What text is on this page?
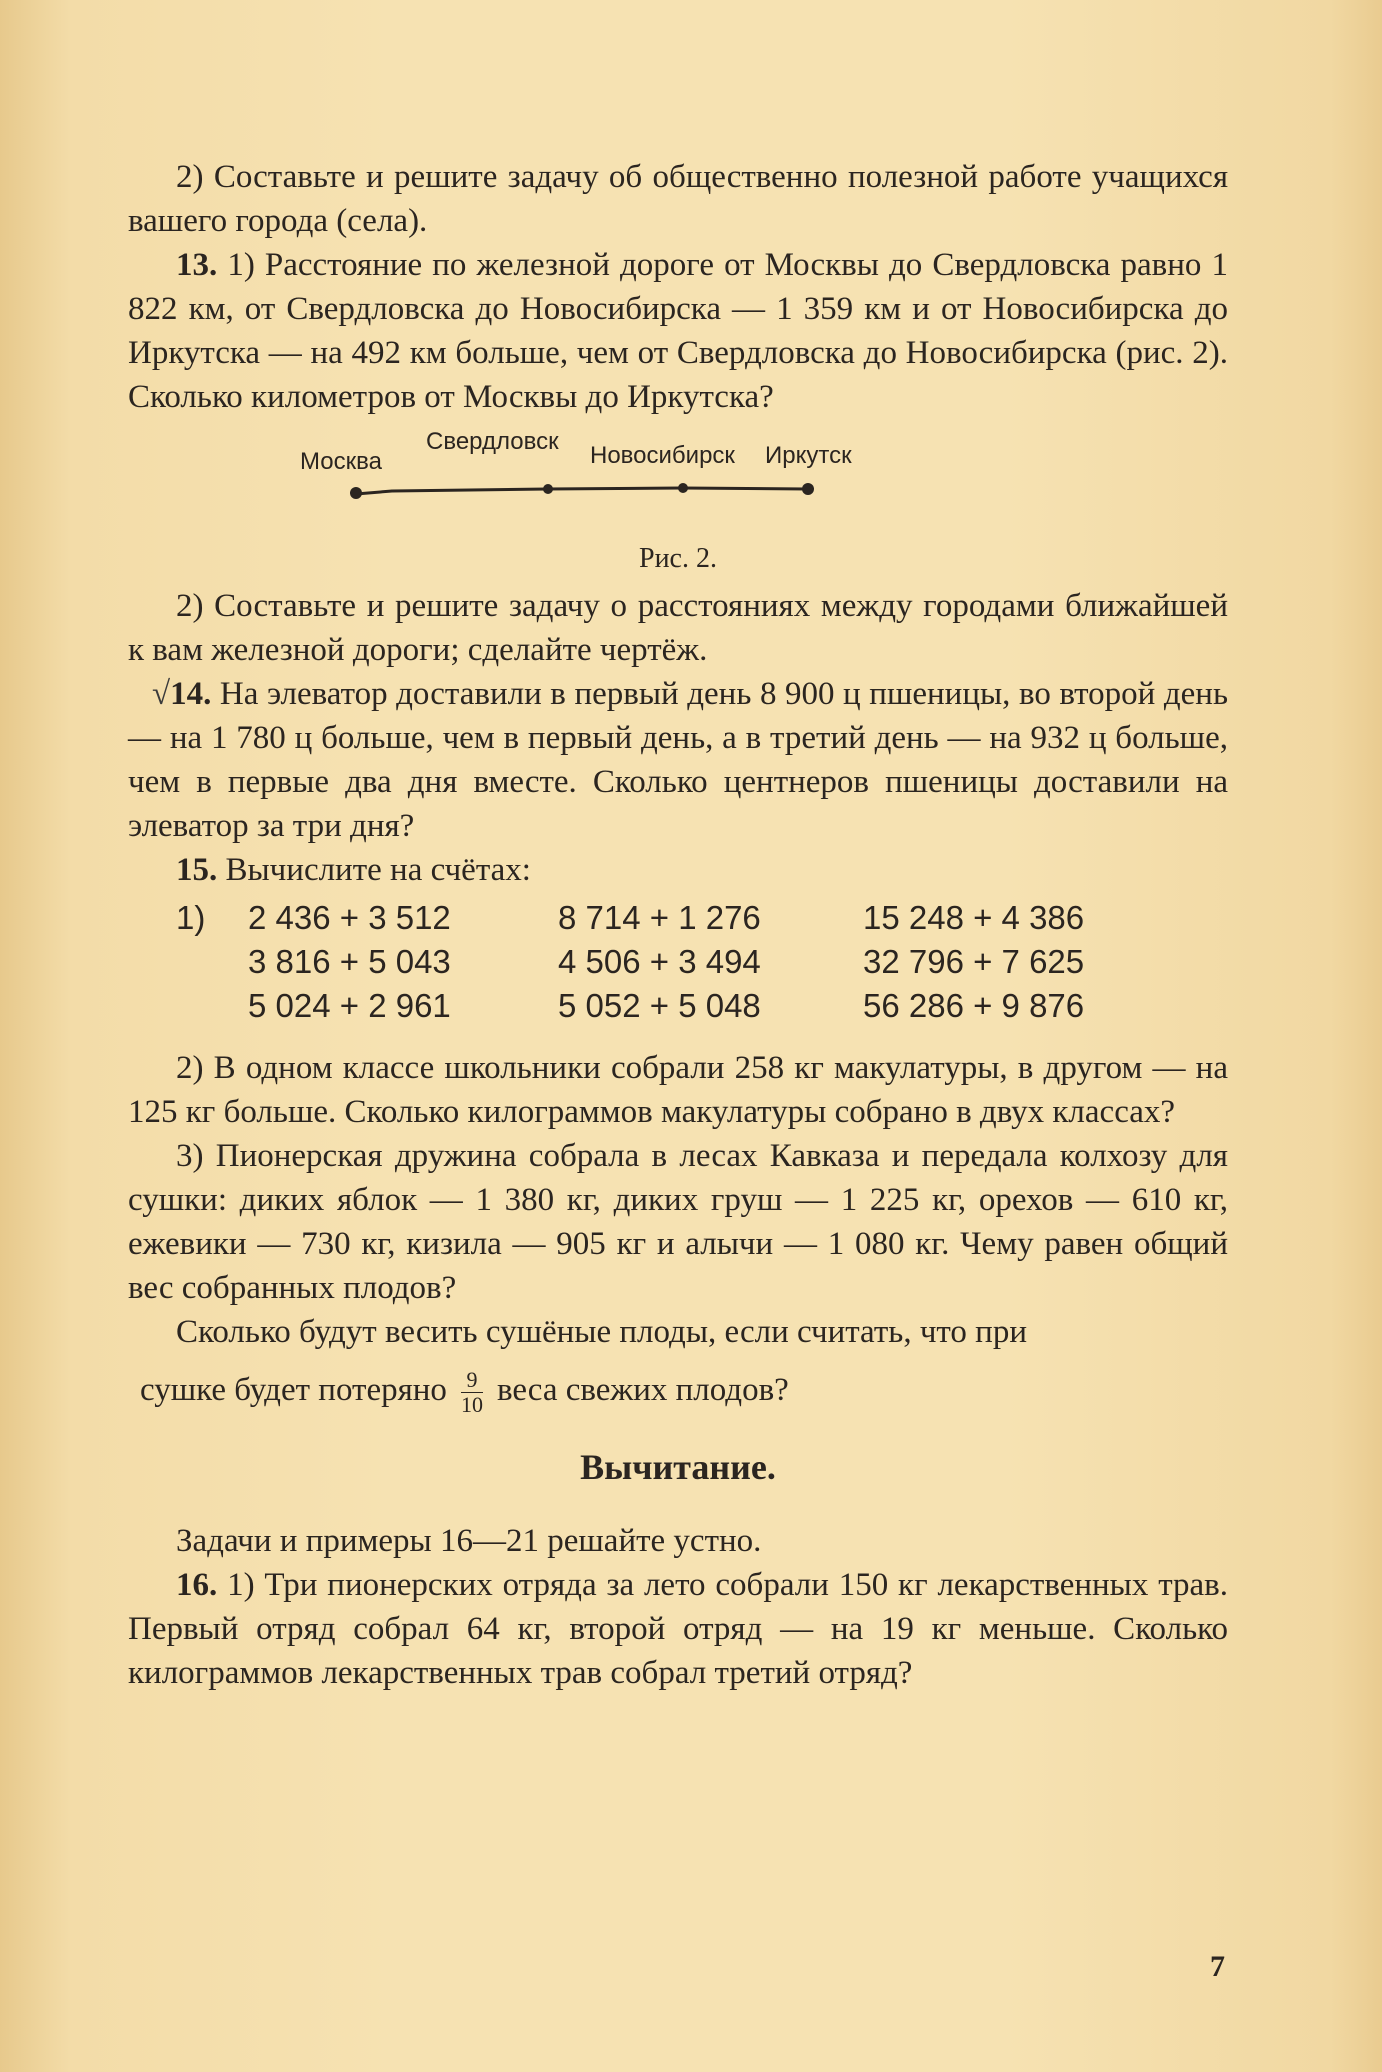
2) Составьте и решите задачу об общественно полезной работе учащихся вашего города (села).

13. 1) Расстояние по железной дороге от Москвы до Свердловска равно 1 822 км, от Свердловска до Новосибирска — 1 359 км и от Новосибирска до Иркутска — на 492 км больше, чем от Свердловска до Новосибирска (рис. 2). Сколько километров от Москвы до Иркутска?

Москва
Свердловск
Новосибирск Иркутск
Рис. 2.

2) Составьте и решите задачу о расстояниях между городами ближайшей к вам железной дороги; сделайте чертёж.

√14. На элеватор доставили в первый день 8 900 ц пшеницы, во второй день — на 1 780 ц больше, чем в первый день, а в третий день — на 932 ц больше, чем в первые два дня вместе. Сколько центнеров пшеницы доставили на элеватор за три дня?

15. Вычислите на счётах:

1) 2 436 + 3 512
3 816 + 5 043
5 024 + 2 961
8 714 + 1 276
4 506 + 3 494
5 052 + 5 048
15 248 + 4 386
32 796 + 7 625
56 286 + 9 876

2) В одном классе школьники собрали 258 кг макулатуры, в другом — на 125 кг больше. Сколько килограммов макулатуры собрано в двух классах?

3) Пионерская дружина собрала в лесах Кавказа и передала колхозу для сушки: диких яблок — 1 380 кг, диких груш — 1 225 кг, орехов — 610 кг, ежевики — 730 кг, кизила — 905 кг и алычи — 1 080 кг. Чему равен общий вес собранных плодов?

Сколько будут весить сушёные плоды, если считать, что при

сушке будет потеряно $\frac{9}{10}$ веса свежих плодов?
Вычитание.

Задачи и примеры 16—21 решайте устно.

16. 1) Три пионерских отряда за лето собрали 150 кг лекарственных трав. Первый отряд собрал 64 кг, второй отряд — на 19 кг меньше. Сколько килограммов лекарственных трав собрал третий отряд?

7
